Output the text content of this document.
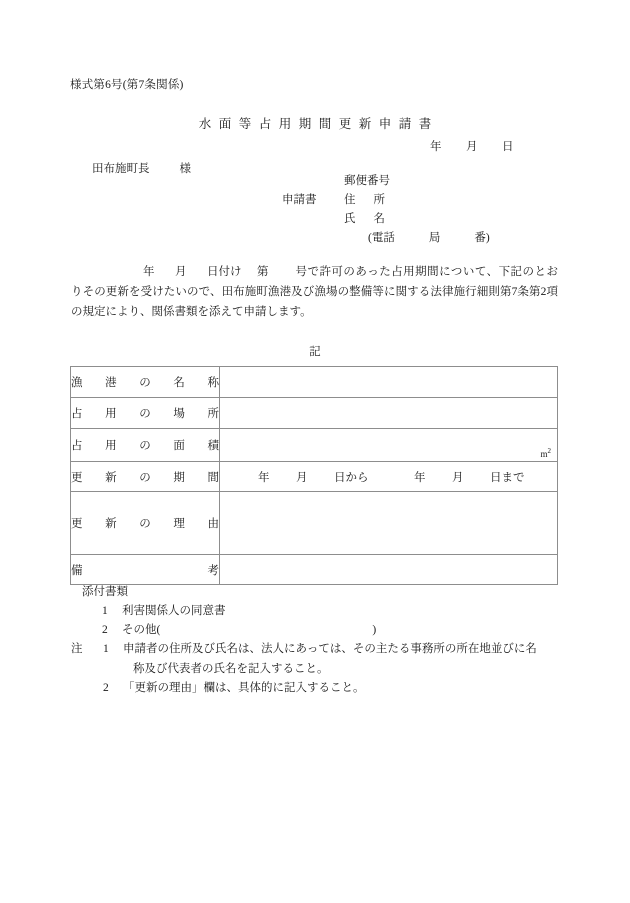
様式第6号(第7条関係)
水面等占用期間更新申請書
年 月 日
田布施町長	様
郵便番号
申請書 住所
氏名
(電話	局	番)
年 月 日付け 第 号で許可のあった占用期間について、下記のとおりその更新を受けたいので、田布施町漁港及び漁場の整備等に関する法律施行細則第7条第2項の規定により、関係書類を添えて申請します。
記
漁港の名称	

占用の場所	

占用の面積	$m^2$

更新の期間	年 月 日から 年 月 日まで

更新の理由	

備考	

添付書類
1 利害関係人の同意書
2 その他(	)
注 1 申請者の住所及び氏名は、法人にあっては、その主たる事務所の所在地並びに名
称及び代表者の氏名を記入すること。
2 「更新の理由」欄は、具体的に記入すること。
